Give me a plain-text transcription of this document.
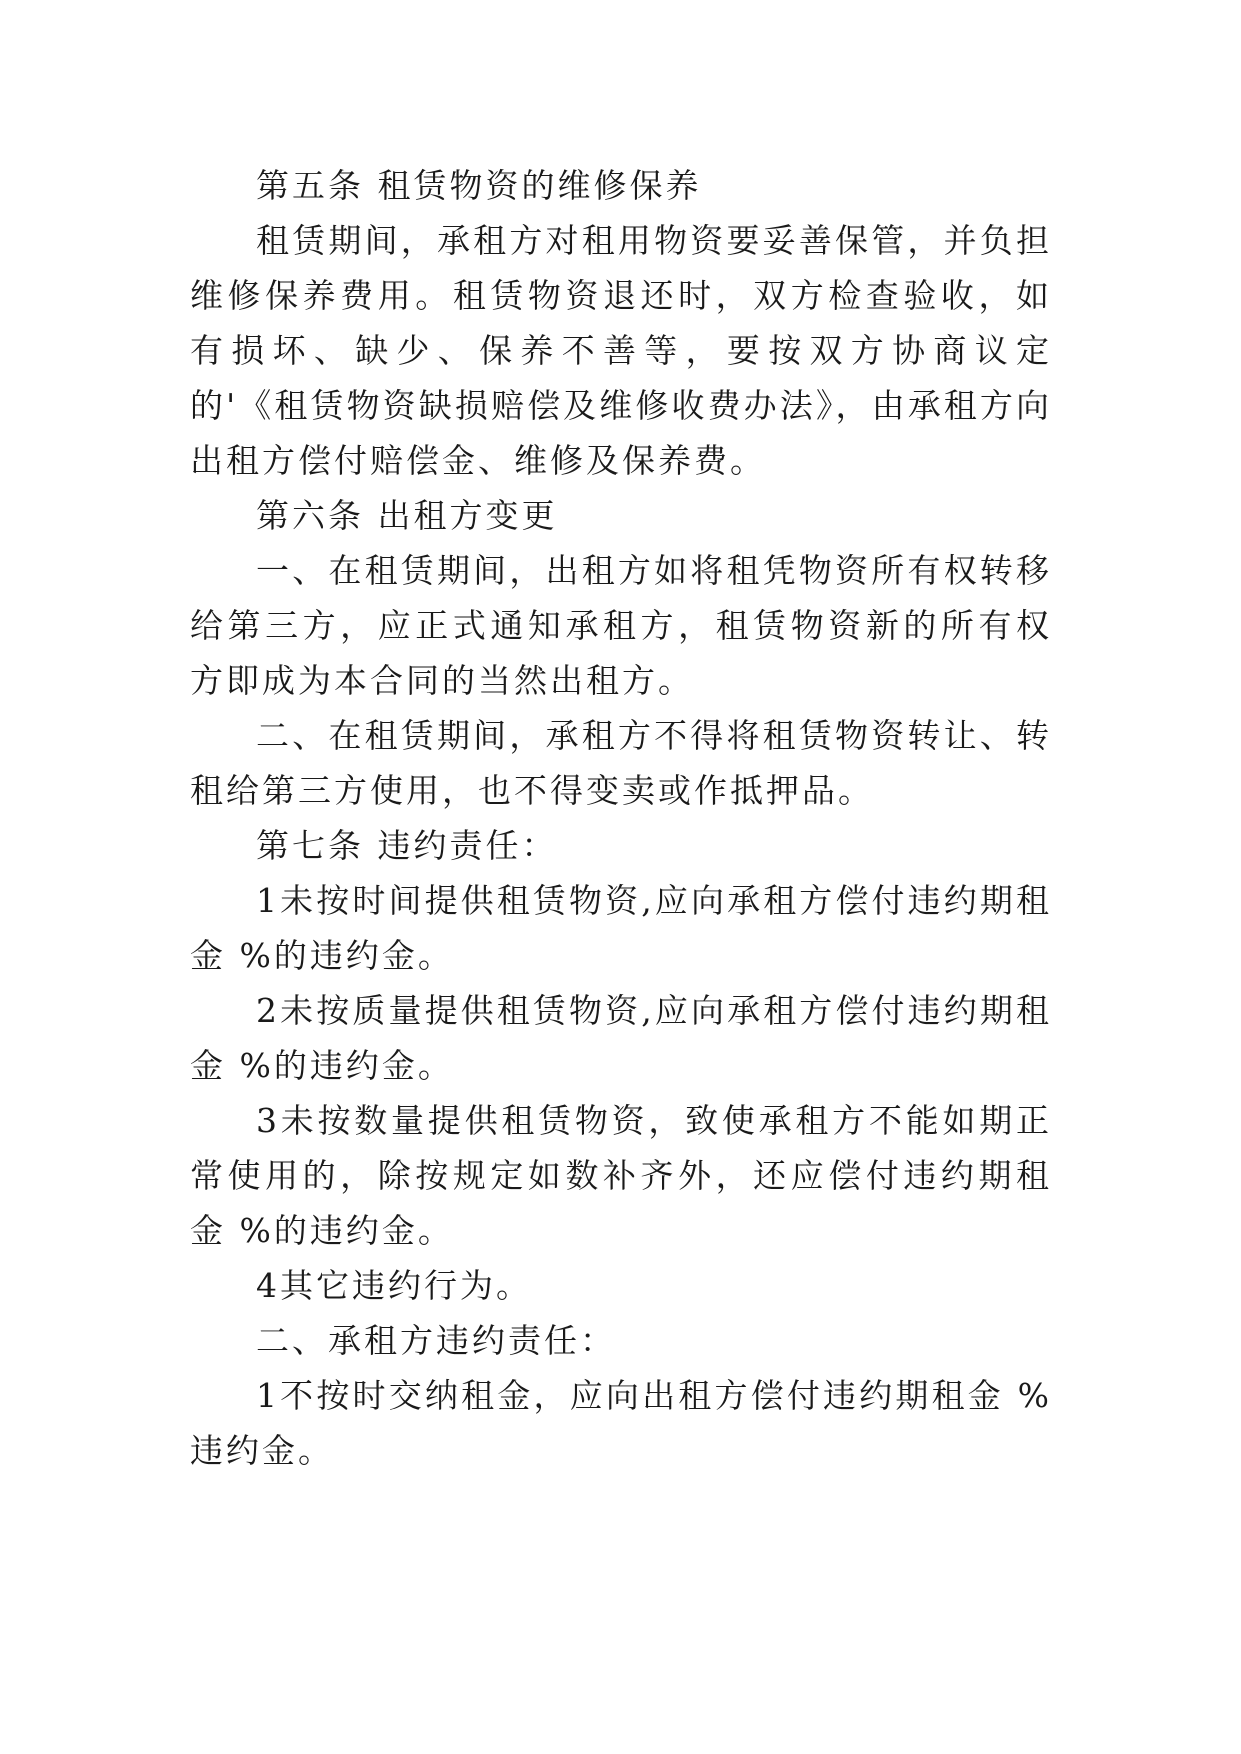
第五条 租赁物资的维修保养

租赁期间，承租方对租用物资要妥善保管，并负担维修保养费用。租赁物资退还时，双方检查验收，如有损坏、缺少、保养不善等，要按双方协商议定的'《租赁物资缺损赔偿及维修收费办法》，由承租方向出租方偿付赔偿金、维修及保养费。

第六条 出租方变更

一、在租赁期间，出租方如将租凭物资所有权转移给第三方，应正式通知承租方，租赁物资新的所有权方即成为本合同的当然出租方。

二、在租赁期间，承租方不得将租赁物资转让、转租给第三方使用，也不得变卖或作抵押品。

第七条 违约责任：

1未按时间提供租赁物资,应向承租方偿付违约期租金 %的违约金。

2未按质量提供租赁物资,应向承租方偿付违约期租金 %的违约金。

3未按数量提供租赁物资，致使承租方不能如期正常使用的，除按规定如数补齐外，还应偿付违约期租金 %的违约金。

4其它违约行为。

二、承租方违约责任：

1不按时交纳租金，应向出租方偿付违约期租金 %违约金。
